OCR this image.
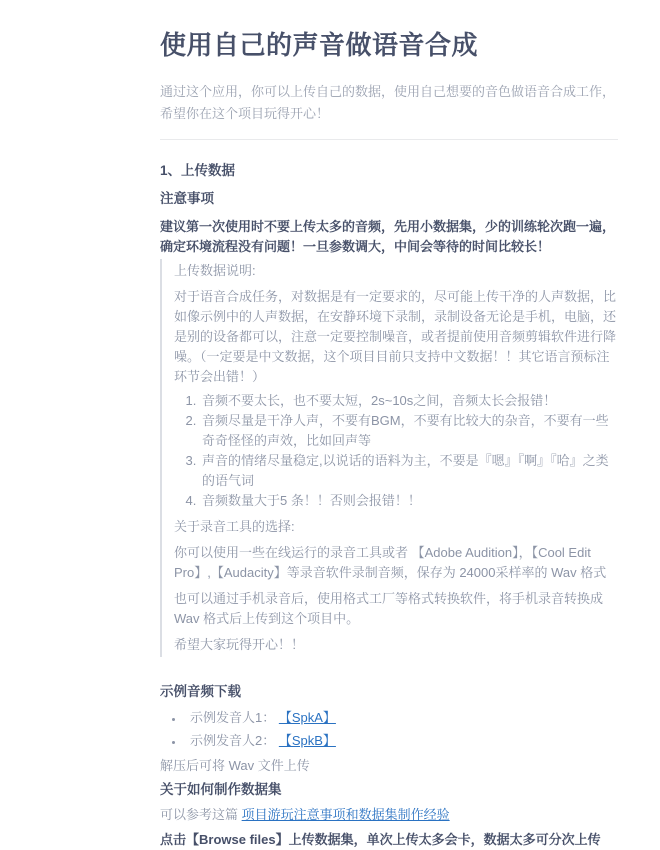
使用自己的声音做语音合成

通过这个应用，你可以上传自己的数据，使用自己想要的音色做语音合成工作，希望你在这个项目玩得开心！

1、上传数据
注意事项

建议第一次使用时不要上传太多的音频，先用小数据集，少的训练轮次跑一遍，确定环境流程没有问题！一旦参数调大，中间会等待的时间比较长！

上传数据说明:

对于语音合成任务，对数据是有一定要求的，尽可能上传干净的人声数据，比如像示例中的人声数据，在安静环境下录制，录制设备无论是手机，电脑，还是别的设备都可以，注意一定要控制噪音，或者提前使用音频剪辑软件进行降噪。（一定要是中文数据，这个项目目前只支持中文数据！！其它语言预标注环节会出错！）

1. 音频不要太长，也不要太短，2s~10s之间，音频太长会报错！
2. 音频尽量是干净人声，不要有BGM，不要有比较大的杂音，不要有一些奇奇怪怪的声效，比如回声等
3. 声音的情绪尽量稳定,以说话的语料为主，不要是『嗯』『啊』『哈』之类的语气词
4. 音频数量大于5 条！！否则会报错！！

关于录音工具的选择:

你可以使用一些在线运行的录音工具或者 【Adobe Audition】，【Cool Edit Pro】,【Audacity】等录音软件录制音频，保存为 24000采样率的 Wav 格式

也可以通过手机录音后，使用格式工厂等格式转换软件，将手机录音转换成 Wav 格式后上传到这个项目中。

希望大家玩得开心！！

示例音频下载
• 示例发音人1： 【SpkA】
• 示例发音人2： 【SpkB】

解压后可将 Wav 文件上传

关于如何制作数据集

可以参考这篇 项目游玩注意事项和数据集制作经验

点击【Browse files】上传数据集，单次上传太多会卡，数据太多可分次上传
